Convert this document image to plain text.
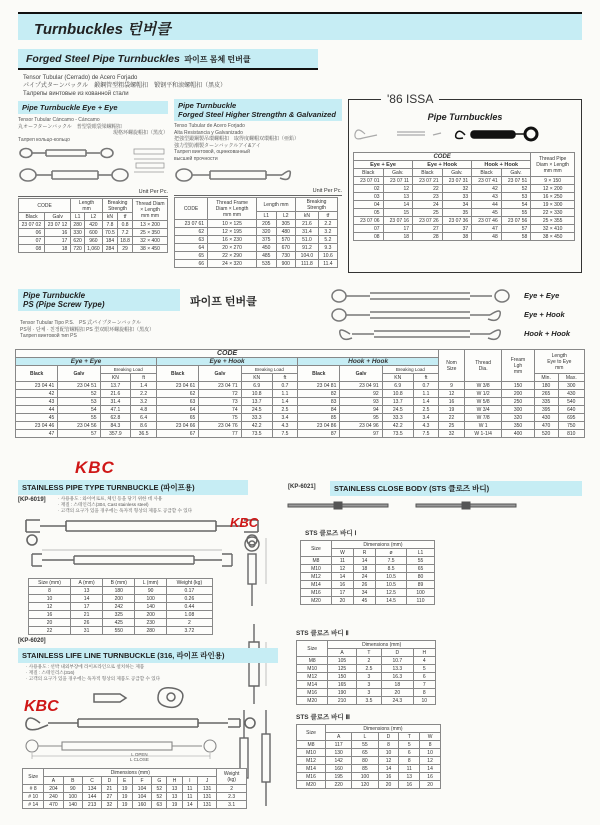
Turnbuckles 턴버클
Forged Steel Pipe Turnbuckles 파이프 몸체 턴버클
Tensor Tubular (Cerrado) de Acero Forjado
パイプ式ターンバックル　鍛鋼管型粗袋螺帽扣　锻钢平和滚螺帽扣（黑皮）
Талрепы винтовые из кованной стали
Pipe Turnbuckle Eye + Eye
Tensor Tubular Cáncamo - Cáncamo
丸オーフターンバックル　普型袋眼袋梁螺帽扣
現格环螺旋帽扣（黑皮）
Талреп кольцо-кольцо
Unit Per Pc.
CODE		Length
mm		Breaking
Strength		Thread Diam
× Length
mm mm
Black	Galv	L1	L2	kN	tf	
23 07 02	23 07 12	280	420	7.8	0.8	13 × 200
06	16	330	600	70.5	7.2	25 × 350
07	17	620	960	184	18.8	32 × 400
08	18	720	1,060	284	29	38 × 450
Pipe Turnbuckle
Forged Steel Higher Strengthn & Galvanized
Tenso Tubular de Acero Forjado
Alta Resistancia y Galvanizado
把強型鍛鋼製吊環螺帽扣　取得度螺帽双環帽扣（亜鉛）
強力型防潮製ターンバックルアイ&アイ
Талреп винтовой, оцинкованный
высшей прочности
Unit Per Pc.
CODE	Thread Frame
Diam × Length
mm mm	Length mm		Breaking
Strength	
		L1	L2	kN	tf
23 07 61	10 × 125	205	305	21.6	2.2
62	12 × 195	320	480	31.4	3.2
63	16 × 230	375	570	51.0	5.2
64	20 × 270	450	670	91.2	9.3
65	22 × 290	485	730	104.0	10.6
66	24 × 320	535	900	111.8	11.4
'86 ISSA
Pipe Turnbuckles
CODE						Thread Pipe
Diam × Length
mm mm
Eye + Eye		Eye + Hook		Hook + Hook		
Black	Galv.	Black	Galv.	Black	Galv.	
23 07 01	23 07 11	23 07 21	23 07 31	23 07 41	23 07 51	9 × 150
02	12	22	32	42	52	12 × 200
03	13	23	33	43	53	16 × 250
04	14	24	34	44	54	19 × 300
05	15	25	35	45	55	22 × 330
23 07 06	23 07 16	23 07 26	23 07 36	23 07 46	23 07 56	25 × 355
07	17	27	37	47	57	32 × 410
08	18	28	38	48	58	38 × 450
Pipe Turnbuckle
PS (Pipe Screw Type)	파이프 턴버클
Tensor Tubular Tipo P.S.　PS 式パイプターンバックル
PS형 · 단체 · 친정配管螺帽扣 PS 型双眼环螺旋帽扣（黑皮）
Талреп винтовой тип PS
Eye + Eye
Eye + Hook
Hook + Hook
CODE												Nom
Size	Thread
Dia.	Fream
Lgh
mm	Length
Eye to Eye
mm	
Eye + Eye				Eye + Hook				Hook + Hook								
Black	Galv	Breaking Load		Black	Galv	Breaking Load		Black	Galv	Breaking Load						
		KN	ft			KN	ft			KN	ft				Min.	Max.
23 04 41	23 04 51	13.7	1.4	23 04 61	23 04 71	6.9	0.7	23 04 81	23 04 91	6.9	0.7	9	W 3/8	150	180	300
42	52	21.6	2.2	62	72	10.8	1.1	82	92	10.8	1.1	12	W 1/2	200	265	430
43	53	31.4	3.2	63	73	13.7	1.4	83	93	13.7	1.4	16	W 5/8	250	335	540
44	54	47.1	4.8	64	74	24.5	2.5	84	94	24.5	2.5	19	W 3/4	300	395	640
45	55	62.8	6.4	65	75	33.3	3.4	85	95	33.3	3.4	22	W 7/8	320	430	695
23 04 46	23 04 56	84.3	8.6	23 04 66	23 04 76	42.2	4.3	23 04 86	23 04 96	42.2	4.3	25	W 1	350	470	750
47	57	357.9	36.5	67	77	73.5	7.5	87	97	73.5	7.5	32	W 1-1/4	400	520	810
KBC
STAINLESS PIPE TYPE TURNBUCKLE (파이프용)
[KP-6019]	· 사용용도 : 와이어로프, 체인 등을 당기 위한 데 사용
· 재질 : 스테인리스(304, Cast stainless steel)
· 고객의 요구가 있을 경우에는 독자적 형상의 제품도 공급할 수 있다
Size (mm)	A (mm)	B (mm)	L (mm)	Weight (kg)
8	13	180	90	0.17
10	14	200	100	0.26
12	17	242	140	0.44
16	21	325	200	1.08
20	26	425	230	2
22	31	550	280	3.72
[KP-6021]	STAINLESS CLOSE BODY (STS 클로즈 바디)
KBC
STS 클로즈 바디 Ⅰ
Size	Dimensions (mm)			
	W	R	ø	L1
M8	11	14	7.5	55
M10	12	18	8.5	65
M12	14	24	10.5	80
M14	16	26	10.5	89
M16	17	34	12.5	100
M20	20	45	14.5	110
STS 클로즈 바디 Ⅱ
Size	Dimensions (mm)			
	A	T	D	H
M8	105	2	10.7	4
M10	125	2.5	13.3	5
M12	150	3	16.3	6
M14	165	3	18	7
M16	190	3	20	8
M20	210	3.5	24.3	10
STS 클로즈 바디 Ⅲ
Size	Dimensions (mm)				
	A	L	D	T	W
M8	117	55	8	5	8
M10	130	65	10	6	10
M12	142	80	12	8	12
M14	160	85	14	11	14
M16	195	100	16	13	16
M20	220	120	20	16	20
[KP-6020]
STAINLESS LIFE LINE TURNBUCKLE (316, 라이프 라인용)
· 사용용도 : 선박 내외부장에 라이프라인으로 설치하는 제품
· 재질 : 스테인리스(316)
· 고객의 요구가 있을 경우에는 독자적 형상의 제품도 공급할 수 있다
KBC
L OPEN
L CLOSE
Size	Dimensions (mm)										Weight
(kg)
	A	B	C	D	E	F	G	H	I	J	
# 8	204	90	134	21	19	104	52	13	11	131	2
# 10	240	100	144	27	19	104	52	13	11	131	2.3
# 14	470	140	213	32	19	160	63	19	14	131	3.1
